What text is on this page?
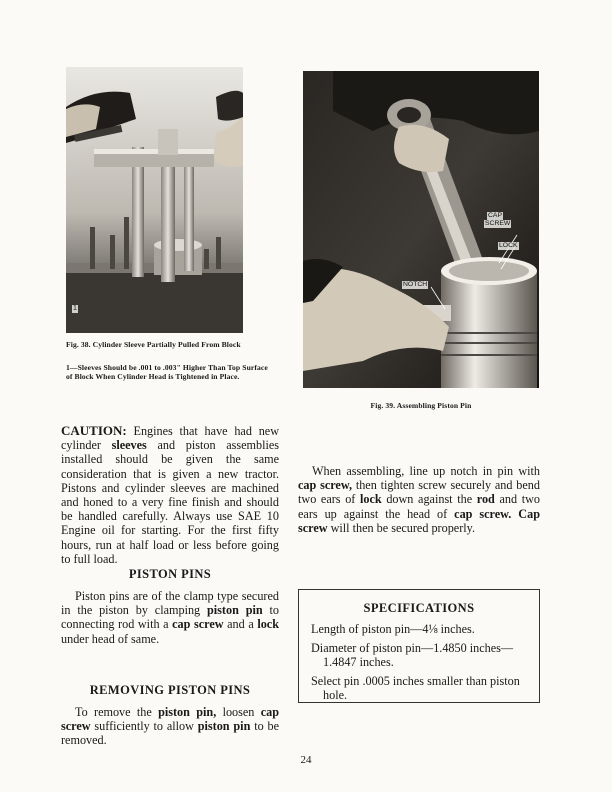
1
Fig. 38. Cylinder Sleeve Partially Pulled From Block
1—Sleeves Should be .001 to .003" Higher Than Top Surface of Block When Cylinder Head is Tightened in Place.
CAP
SCREW
LOCK
NOTCH
Fig. 39. Assembling Piston Pin
CAUTION: Engines that have had new cylinder sleeves and piston assemblies installed should be given the same consideration that is given a new tractor. Pistons and cylinder sleeves are machined and honed to a very fine finish and should be handled carefully. Always use SAE 10 Engine oil for starting. For the first fifty hours, run at half load or less before going to full load.
When assembling, line up notch in pin with cap screw, then tighten screw securely and bend two ears of lock down against the rod and two ears up against the head of cap screw. Cap screw will then be secured properly.
PISTON PINS
Piston pins are of the clamp type secured in the piston by clamping piston pin to connecting rod with a cap screw and a lock under head of same.
REMOVING PISTON PINS
To remove the piston pin, loosen cap screw sufficiently to allow piston pin to be removed.
SPECIFICATIONS
Length of piston pin—4⅛ inches.
Diameter of piston pin—1.4850 inches—1.4847 inches.
Select pin .0005 inches smaller than piston hole.
24
